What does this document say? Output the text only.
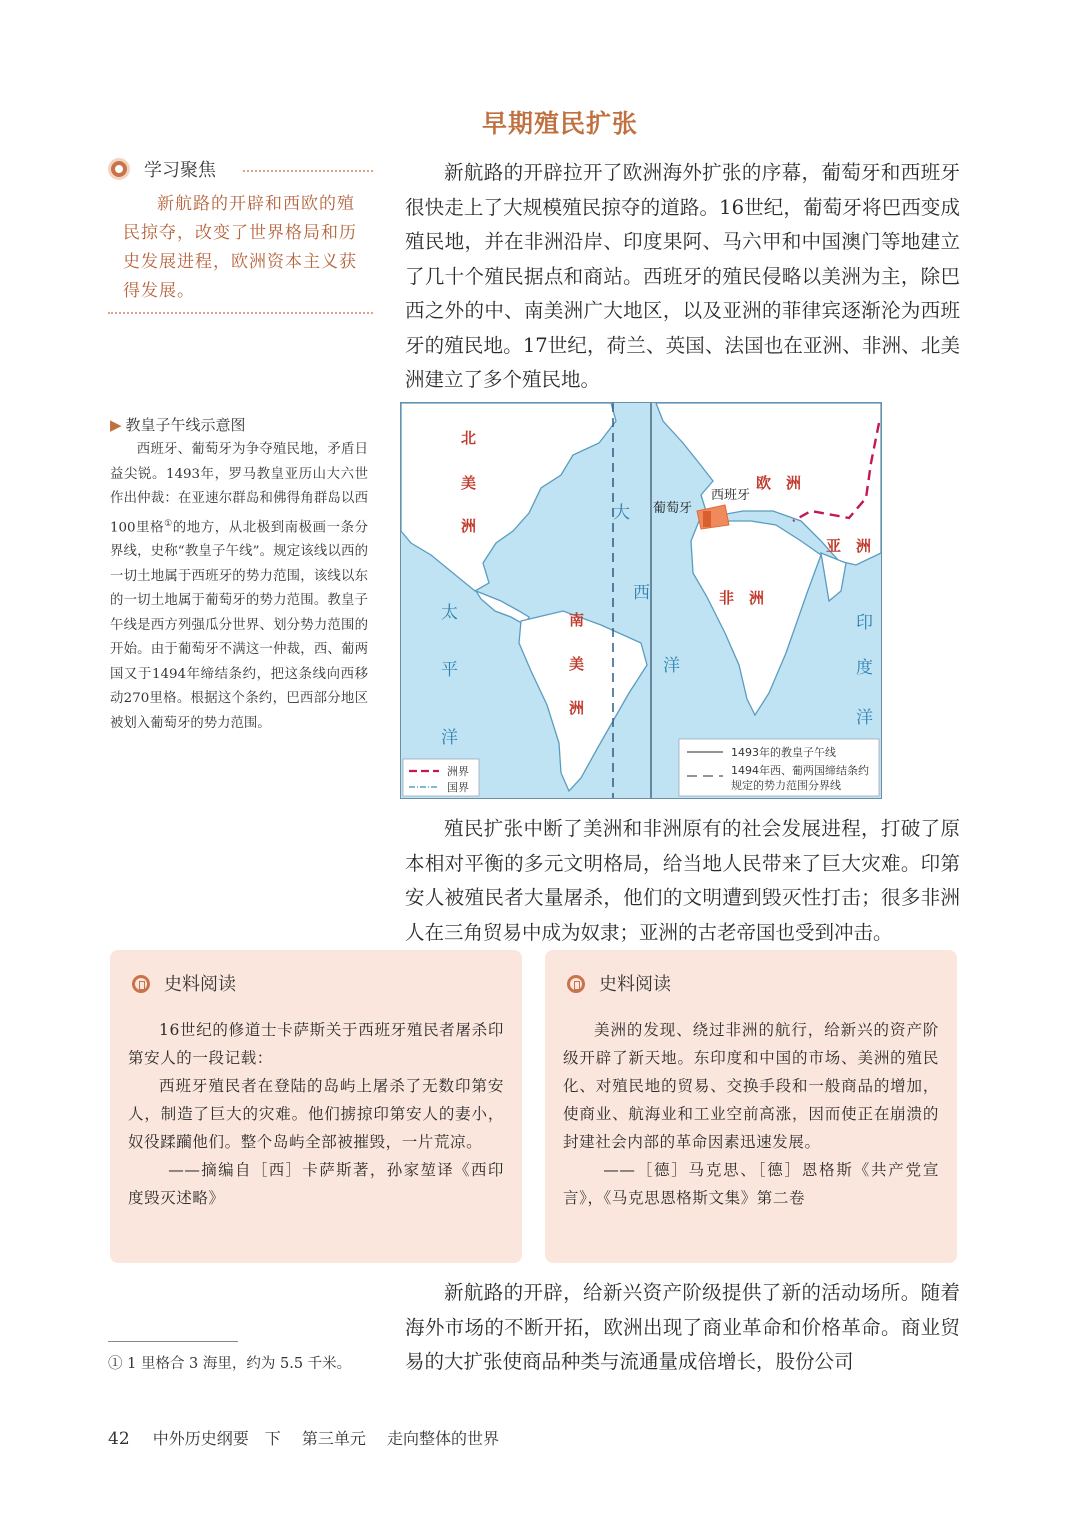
早期殖民扩张
学习聚焦
新航路的开辟和西欧的殖民掠夺，改变了世界格局和历史发展进程，欧洲资本主义获得发展。
新航路的开辟拉开了欧洲海外扩张的序幕，葡萄牙和西班牙很快走上了大规模殖民掠夺的道路。16世纪，葡萄牙将巴西变成殖民地，并在非洲沿岸、印度果阿、马六甲和中国澳门等地建立了几十个殖民据点和商站。西班牙的殖民侵略以美洲为主，除巴西之外的中、南美洲广大地区，以及亚洲的菲律宾逐渐沦为西班牙的殖民地。17世纪，荷兰、英国、法国也在亚洲、非洲、北美洲建立了多个殖民地。
▶ 教皇子午线示意图
西班牙、葡萄牙为争夺殖民地，矛盾日益尖锐。1493年，罗马教皇亚历山大六世作出仲裁：在亚速尔群岛和佛得角群岛以西100里格①的地方，从北极到南极画一条分界线，史称“教皇子午线”。规定该线以西的一切土地属于西班牙的势力范围，该线以东的一切土地属于葡萄牙的势力范围。教皇子午线是西方列强瓜分世界、划分势力范围的开始。由于葡萄牙不满这一仲裁，西、葡两国又于1494年缔结条约，把这条线向西移动270里格。根据这个条约，巴西部分地区被划入葡萄牙的势力范围。
北
美
洲
南
美
洲
欧　洲
非　洲
亚　洲
太
平
洋
大
西
洋
印
度
洋
葡萄牙
西班牙
洲界
国界
1493年的教皇子午线
1494年西、葡两国缔结条约
规定的势力范围分界线
殖民扩张中断了美洲和非洲原有的社会发展进程，打破了原本相对平衡的多元文明格局，给当地人民带来了巨大灾难。印第安人被殖民者大量屠杀，他们的文明遭到毁灭性打击；很多非洲人在三角贸易中成为奴隶；亚洲的古老帝国也受到冲击。
史料阅读

16世纪的修道士卡萨斯关于西班牙殖民者屠杀印第安人的一段记载：

西班牙殖民者在登陆的岛屿上屠杀了无数印第安人，制造了巨大的灾难。他们掳掠印第安人的妻小，奴役蹂躏他们。整个岛屿全部被摧毁，一片荒凉。

——摘编自［西］卡萨斯著，孙家堃译《西印度毁灭述略》

史料阅读

美洲的发现、绕过非洲的航行，给新兴的资产阶级开辟了新天地。东印度和中国的市场、美洲的殖民化、对殖民地的贸易、交换手段和一般商品的增加，使商业、航海业和工业空前高涨，因而使正在崩溃的封建社会内部的革命因素迅速发展。

——［德］马克思、［德］恩格斯《共产党宣言》，《马克思恩格斯文集》第二卷

新航路的开辟，给新兴资产阶级提供了新的活动场所。随着海外市场的不断开拓，欧洲出现了商业革命和价格革命。商业贸易的大扩张使商品种类与流通量成倍增长，股份公司
① 1 里格合 3 海里，约为 5.5 千米。
42 中外历史纲要　下 第三单元 走向整体的世界
